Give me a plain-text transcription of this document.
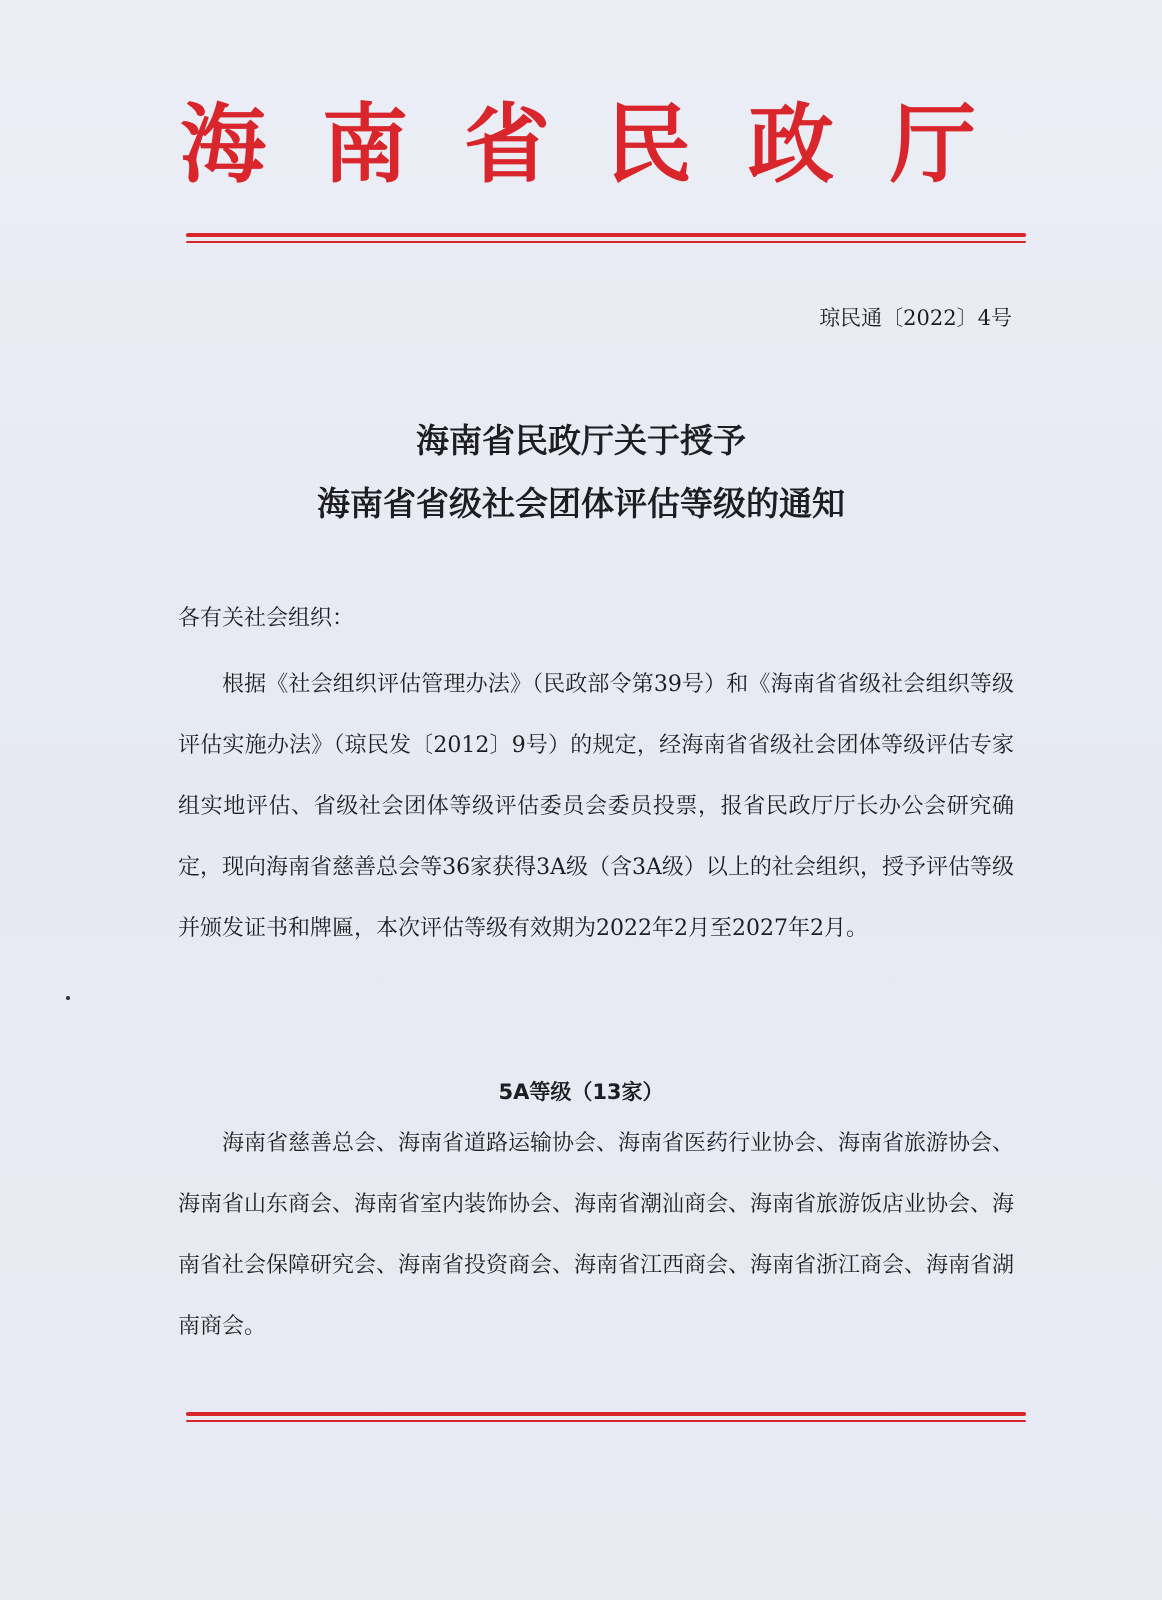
海南省民政厅
琼民通〔2022〕4号
海南省民政厅关于授予
海南省省级社会团体评估等级的通知
各有关社会组织：
根据《社会组织评估管理办法》（民政部令第39号）和《海南省省级社会组织等级评估实施办法》（琼民发〔2012〕9号）的规定，经海南省省级社会团体等级评估专家组实地评估、省级社会团体等级评估委员会委员投票，报省民政厅厅长办公会研究确定，现向海南省慈善总会等36家获得3A级（含3A级）以上的社会组织，授予评估等级并颁发证书和牌匾，本次评估等级有效期为2022年2月至2027年2月。
5A等级（13家）
海南省慈善总会、海南省道路运输协会、海南省医药行业协会、海南省旅游协会、海南省山东商会、海南省室内装饰协会、海南省潮汕商会、海南省旅游饭店业协会、海南省社会保障研究会、海南省投资商会、海南省江西商会、海南省浙江商会、海南省湖南商会。
